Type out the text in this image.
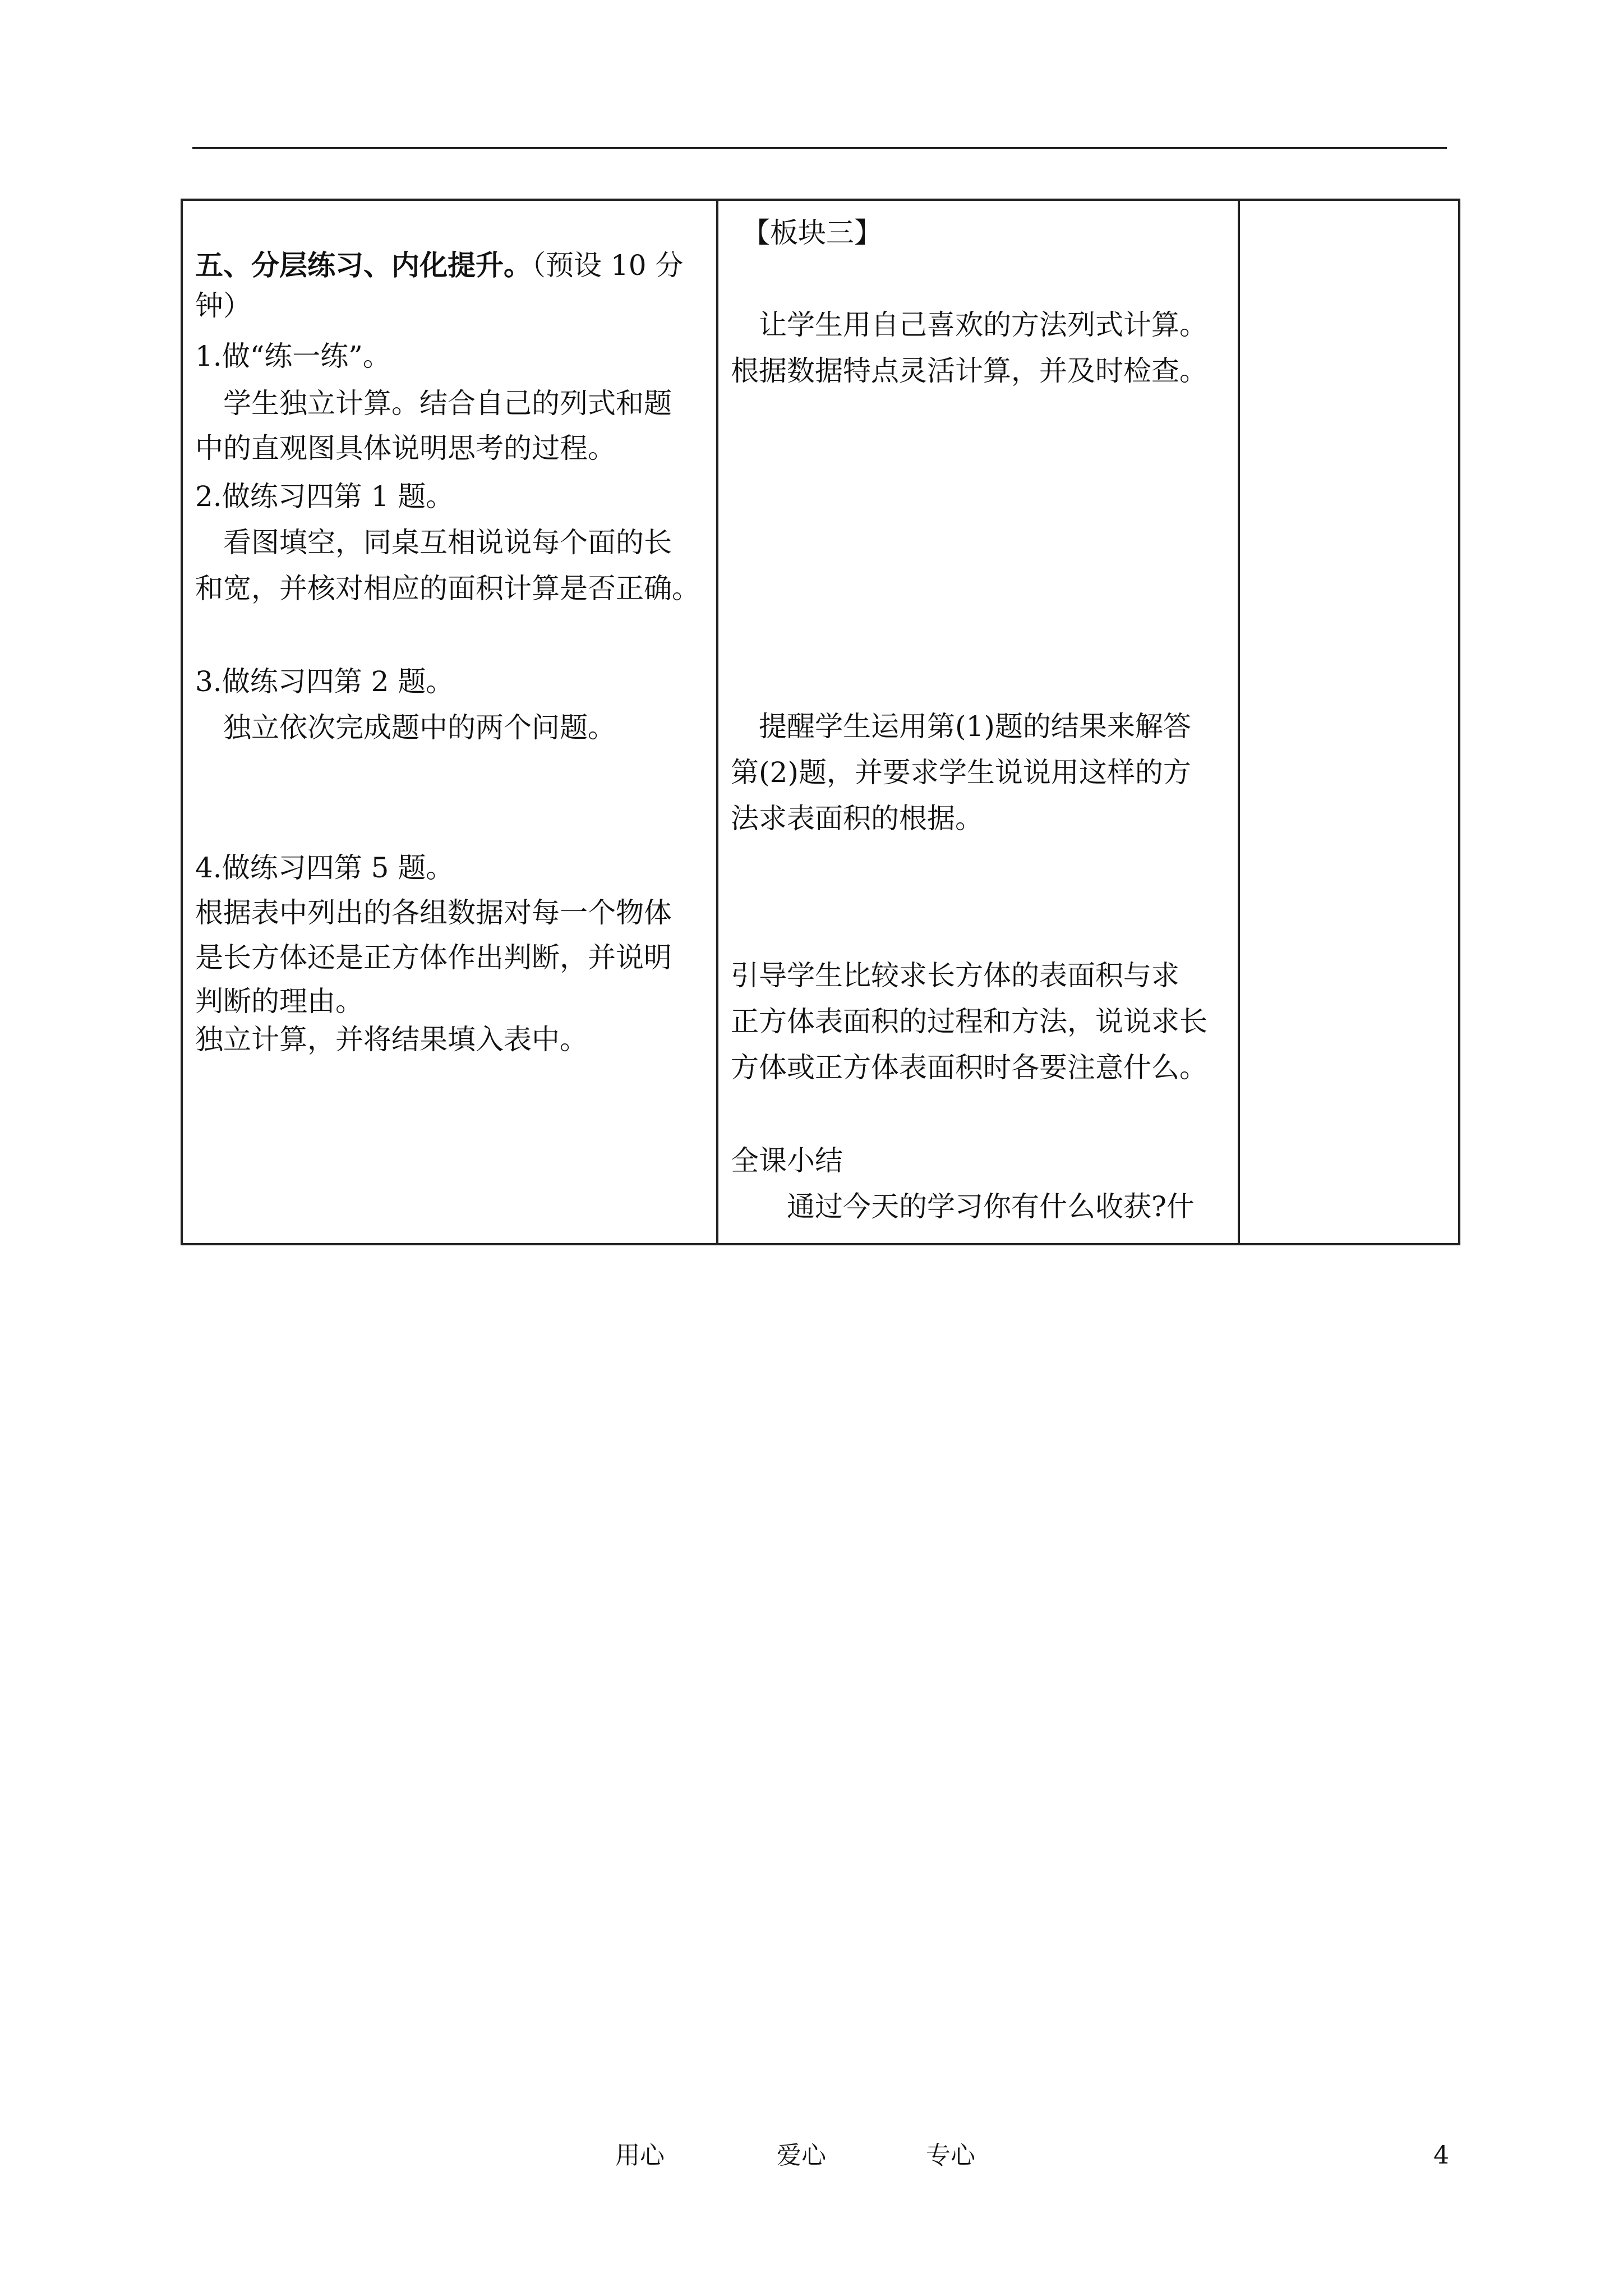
五、分层练习、内化提升。（预设 10 分
钟）
1.做“练一练”。
学生独立计算。结合自己的列式和题
中的直观图具体说明思考的过程。
2.做练习四第 1 题。
看图填空，同桌互相说说每个面的长
和宽，并核对相应的面积计算是否正确。
3.做练习四第 2 题。
独立依次完成题中的两个问题。
4.做练习四第 5 题。
根据表中列出的各组数据对每一个物体
是长方体还是正方体作出判断，并说明
判断的理由。
独立计算，并将结果填入表中。
【板块三】
让学生用自己喜欢的方法列式计算。
根据数据特点灵活计算，并及时检查。
提醒学生运用第(1)题的结果来解答
第(2)题，并要求学生说说用这样的方
法求表面积的根据。
引导学生比较求长方体的表面积与求
正方体表面积的过程和方法，说说求长
方体或正方体表面积时各要注意什么。
全课小结
通过今天的学习你有什么收获?什
用心	爱心	专心	4
